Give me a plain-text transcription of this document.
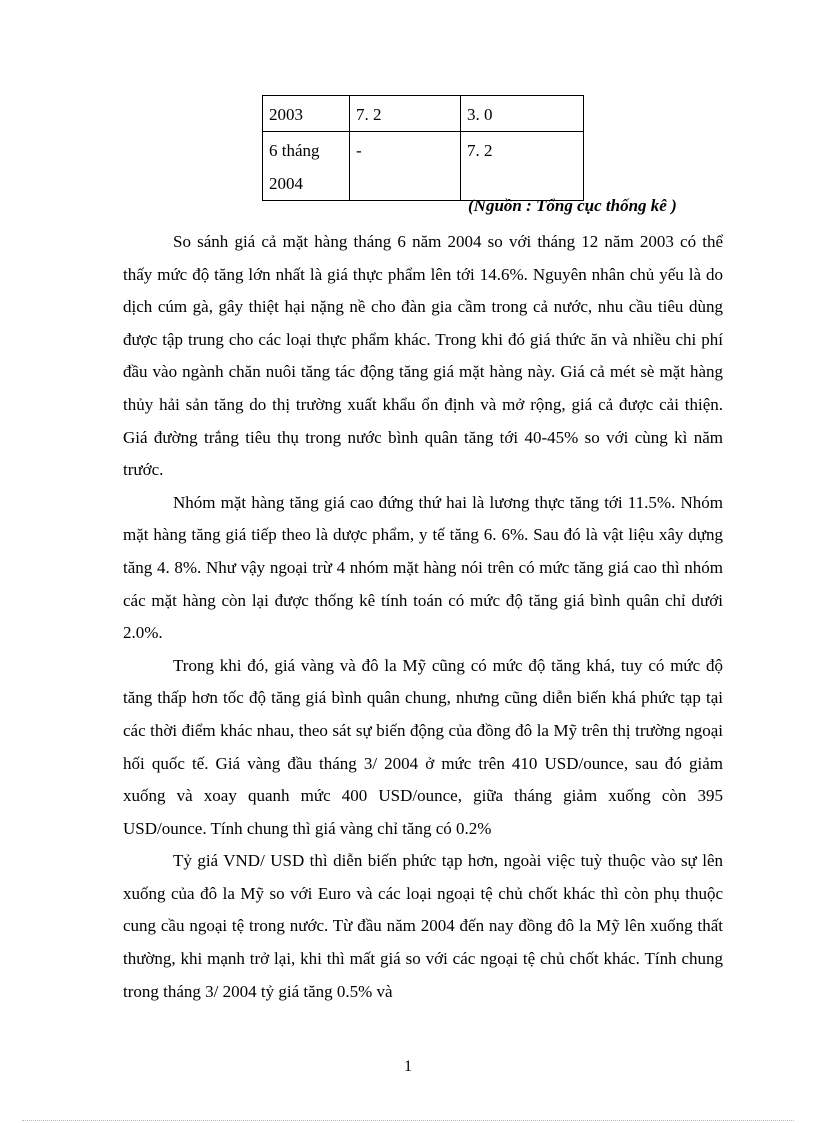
2003	7. 2	3. 0
6 tháng 2004	-	7. 2
(Nguồn : Tổng cục thống kê )

So sánh giá cả mặt hàng tháng 6 năm 2004 so với tháng 12 năm 2003 có thể thấy mức độ tăng lớn nhất là giá thực phẩm lên tới 14.6%. Nguyên nhân chủ yếu là do dịch cúm gà, gây thiệt hại nặng nề cho đàn gia cầm trong cả nước, nhu cầu tiêu dùng được tập trung cho các loại thực phẩm khác. Trong khi đó giá thức ăn và nhiều chi phí đầu vào ngành chăn nuôi tăng tác động tăng giá mặt hàng này. Giá cả mét sè mặt hàng thủy hải sản tăng do thị trường xuất khẩu ổn định và mở rộng, giá cả được cải thiện. Giá đường trắng tiêu thụ trong nước bình quân tăng tới 40-45% so với cùng kì năm trước.

Nhóm mặt hàng tăng giá cao đứng thứ hai là lương thực tăng tới 11.5%. Nhóm mặt hàng tăng giá tiếp theo là dược phẩm, y tế tăng 6. 6%. Sau đó là vật liệu xây dựng tăng 4. 8%. Như vậy ngoại trừ 4 nhóm mặt hàng nói trên có mức tăng giá cao thì nhóm các mặt hàng còn lại được thống kê tính toán có mức độ tăng giá bình quân chỉ dưới 2.0%.

Trong khi đó, giá vàng và đô la Mỹ cũng có mức độ tăng khá, tuy có mức độ tăng thấp hơn tốc độ tăng giá bình quân chung, nhưng cũng diễn biến khá phức tạp tại các thời điểm khác nhau, theo sát sự biến động của đồng đô la Mỹ trên thị trường ngoại hối quốc tế. Giá vàng đầu tháng 3/ 2004 ở mức trên 410 USD/ounce, sau đó giảm xuống và xoay quanh mức 400 USD/ounce, giữa tháng giảm xuống còn 395 USD/ounce. Tính chung thì giá vàng chỉ tăng có 0.2%

Tỷ giá VND/ USD thì diễn biến phức tạp hơn, ngoài việc tuỳ thuộc vào sự lên xuống của đô la Mỹ so với Euro và các loại ngoại tệ chủ chốt khác thì còn phụ thuộc cung cầu ngoại tệ trong nước. Từ đầu năm 2004 đến nay đồng đô la Mỹ lên xuống thất thường, khi mạnh trở lại, khi thì mất giá so với các ngoại tệ chủ chốt khác. Tính chung trong tháng 3/ 2004 tỷ giá tăng 0.5% và

1
